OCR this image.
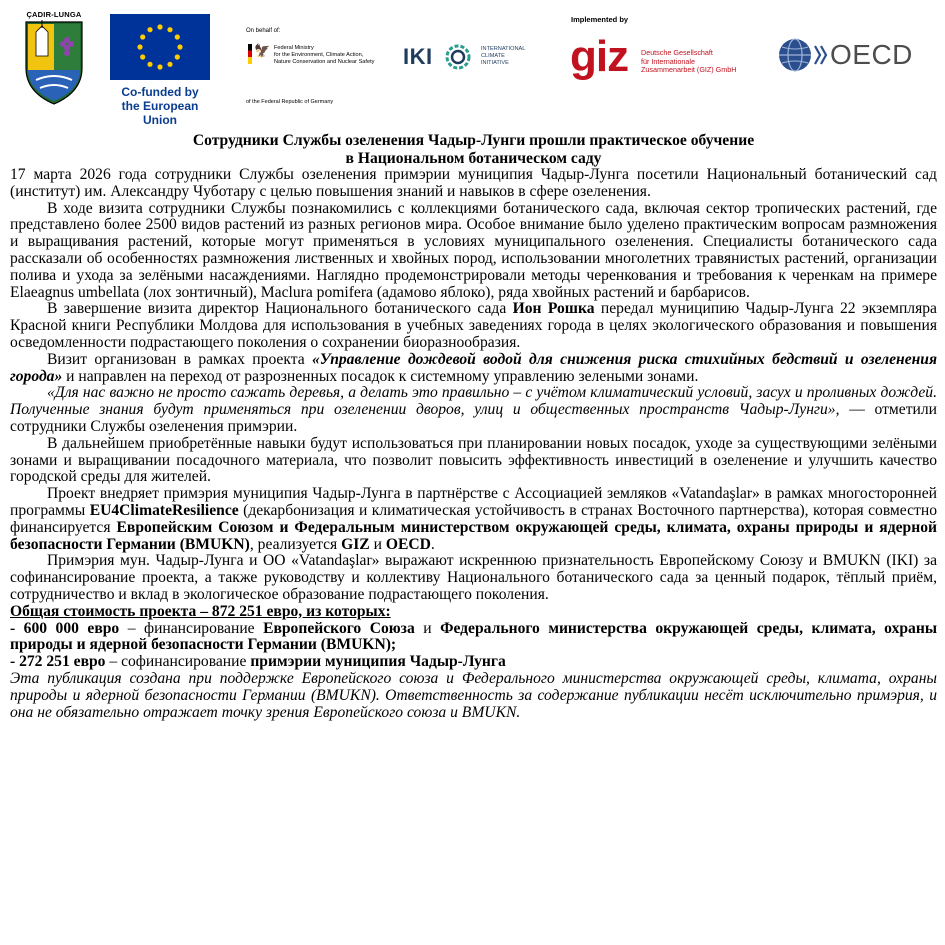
ÇADIR-LUNGA
Co-funded by
the European Union
On behalf of:
🦅 Federal Ministry
for the Environment, Climate Action,
Nature Conservation and Nuclear Safety
of the Federal Republic of Germany
IKI	INTERNATIONAL
CLIMATE
INITIATIVE
Implemented by
giz Deutsche Gesellschaft
für Internationale
Zusammenarbeit (GIZ) GmbH	OECD
Сотрудники Службы озеленения Чадыр-Лунги прошли практическое обучение
в Национальном ботаническом саду

17 марта 2026 года сотрудники Службы озеленения примэрии муниципия Чадыр-Лунга посетили Национальный ботанический сад (институт) им. Александру Чуботару с целью повышения знаний и навыков в сфере озеленения.

В ходе визита сотрудники Службы познакомились с коллекциями ботанического сада, включая сектор тропических растений, где представлено более 2500 видов растений из разных регионов мира. Особое внимание было уделено практическим вопросам размножения и выращивания растений, которые могут применяться в условиях муниципального озеленения. Специалисты ботанического сада рассказали об особенностях размножения лиственных и хвойных пород, использовании многолетних травянистых растений, организации полива и ухода за зелёными насаждениями. Наглядно продемонстрировали методы черенкования и требования к черенкам на примере Elaeagnus umbellata (лох зонтичный), Maclura pomifera (адамово яблоко), ряда хвойных растений и барбарисов.

В завершение визита директор Национального ботанического сада Ион Рошка передал муниципию Чадыр-Лунга 22 экземпляра Красной книги Республики Молдова для использования в учебных заведениях города в целях экологического образования и повышения осведомленности подрастающего поколения о сохранении биоразнообразия.

Визит организован в рамках проекта «Управление дождевой водой для снижения риска стихийных бедствий и озеленения города» и направлен на переход от разрозненных посадок к системному управлению зелеными зонами.

«Для нас важно не просто сажать деревья, а делать это правильно – с учётом климатический условий, засух и проливных дождей. Полученные знания будут применяться при озеленении дворов, улиц и общественных пространств Чадыр-Лунги», — отметили сотрудники Службы озеленения примэрии.

В дальнейшем приобретённые навыки будут использоваться при планировании новых посадок, уходе за существующими зелёными зонами и выращивании посадочного материала, что позволит повысить эффективность инвестиций в озеленение и улучшить качество городской среды для жителей.

Проект внедряет примэрия муниципия Чадыр-Лунга в партнёрстве с Ассоциацией земляков «Vatandaşlar» в рамках многосторонней программы EU4ClimateResilience (декарбонизация и климатическая устойчивость в странах Восточного партнерства), которая совместно финансируется Европейским Союзом и Федеральным министерством окружающей среды, климата, охраны природы и ядерной безопасности Германии (BMUKN), реализуется GIZ и OECD.

Примэрия мун. Чадыр-Лунга и ОО «Vatandaşlar» выражают искреннюю признательность Европейскому Союзу и BMUKN (IKI) за софинансирование проекта, а также руководству и коллективу Национального ботанического сада за ценный подарок, тёплый приём, сотрудничество и вклад в экологическое образование подрастающего поколения.

Общая стоимость проекта – 872 251 евро, из которых:

- 600 000 евро – финансирование Европейского Союза и Федерального министерства окружающей среды, климата, охраны природы и ядерной безопасности Германии (BMUKN);

- 272 251 евро – софинансирование примэрии муниципия Чадыр-Лунга

Эта публикация создана при поддержке Европейского союза и Федерального министерства окружающей среды, климата, охраны природы и ядерной безопасности Германии (BMUKN). Ответственность за содержание публикации несёт исключительно примэрия, и она не обязательно отражает точку зрения Европейского союза и BMUKN.
